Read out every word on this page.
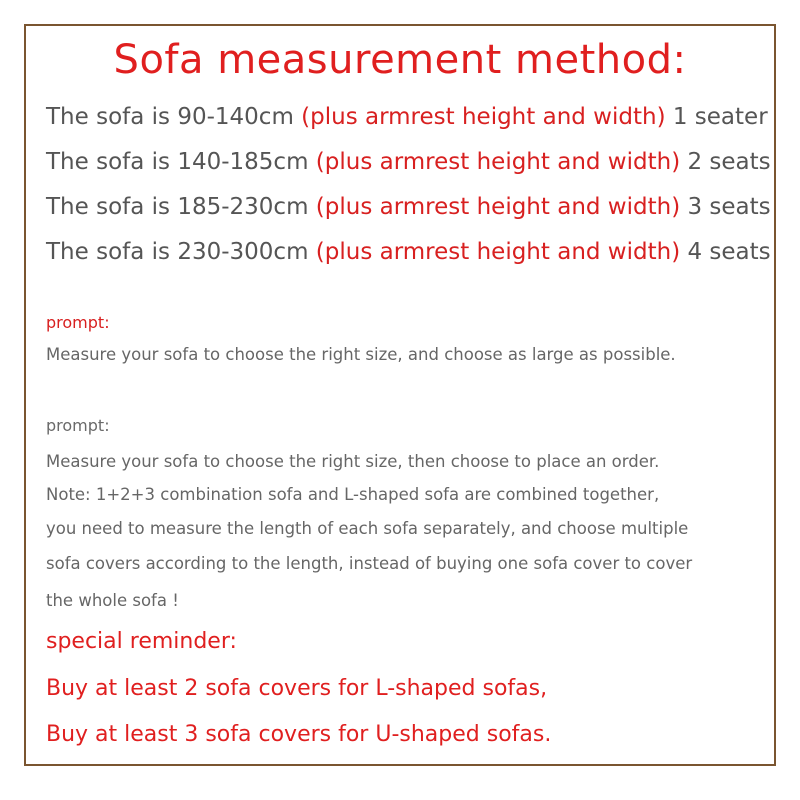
Sofa measurement method:
The sofa is 90-140cm (plus armrest height and width) 1 seater
The sofa is 140-185cm (plus armrest height and width) 2 seats
The sofa is 185-230cm (plus armrest height and width) 3 seats
The sofa is 230-300cm (plus armrest height and width) 4 seats
prompt:
Measure your sofa to choose the right size, and choose as large as possible.
prompt:
Measure your sofa to choose the right size, then choose to place an order.
Note: 1+2+3 combination sofa and L-shaped sofa are combined together,
you need to measure the length of each sofa separately, and choose multiple
sofa covers according to the length, instead of buying one sofa cover to cover
the whole sofa !
special reminder:
Buy at least 2 sofa covers for L-shaped sofas,
Buy at least 3 sofa covers for U-shaped sofas.
